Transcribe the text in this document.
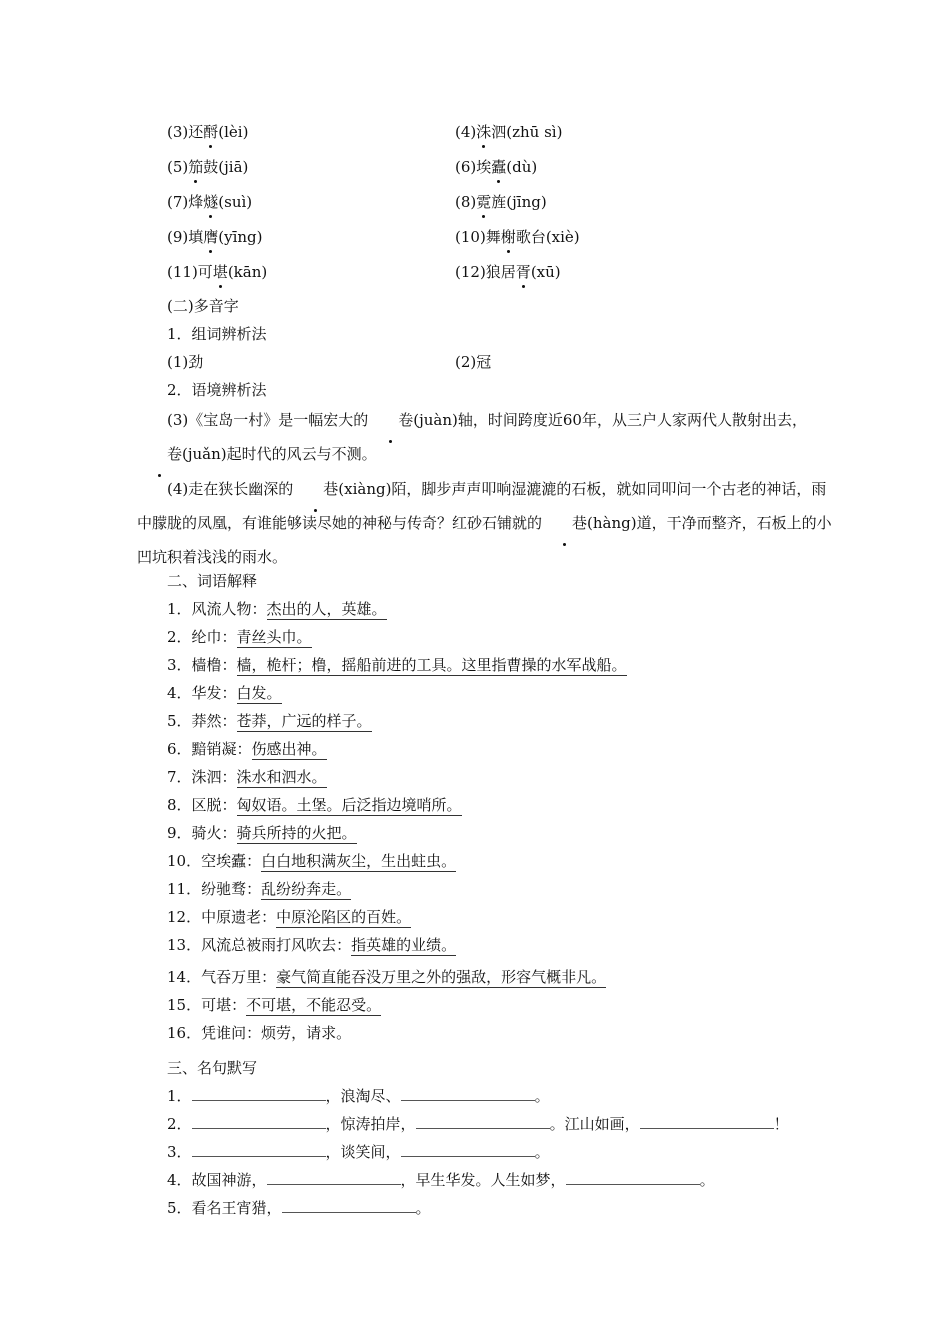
(3)还酹(lèi)	(4)洙泗(zhū sì)
(5)笳鼓(jiā)	(6)埃蠹(dù)
(7)烽燧(suì)	(8)霓旌(jīng)
(9)填膺(yīng)	(10)舞榭歌台(xiè)
(11)可堪(kān)	(12)狼居胥(xū)
(二)多音字
1．组词辨析法
(1)劲	(2)冠
2．语境辨析法
(3)《宝岛一村》是一幅宏大的 卷(juàn)轴，时间跨度近60年，从三户人家两代人散射出去，卷(juǎn)起时代的风云与不测。
(4)走在狭长幽深的 巷(xiàng)陌，脚步声声叩响湿漉漉的石板，就如同叩问一个古老的神话，雨中朦胧的凤凰，有谁能够读尽她的神秘与传奇？红砂石铺就的 巷(hàng)道，干净而整齐，石板上的小凹坑积着浅浅的雨水。
二、词语解释
1．风流人物：杰出的人，英雄。
2．纶巾：青丝头巾。
3．樯橹：樯，桅杆；橹，摇船前进的工具。这里指曹操的水军战船。
4．华发：白发。
5．莽然：苍莽，广远的样子。
6．黯销凝：伤感出神。
7．洙泗：洙水和泗水。
8．区脱：匈奴语。土堡。后泛指边境哨所。
9．骑火：骑兵所持的火把。
10．空埃蠹：白白地积满灰尘，生出蛀虫。
11．纷驰骛：乱纷纷奔走。
12．中原遗老：中原沦陷区的百姓。
13．风流总被雨打风吹去：指英雄的业绩。
14．气吞万里：豪气简直能吞没万里之外的强敌，形容气概非凡。
15．可堪：不可堪，不能忍受。
16．凭谁问：烦劳，请求。
三、名句默写
1．	，浪淘尽、	。
2．	，惊涛拍岸，	。江山如画，	！
3．	，谈笑间，	。
4．故国神游，	，早生华发。人生如梦，	。
5．看名王宵猎，	。
